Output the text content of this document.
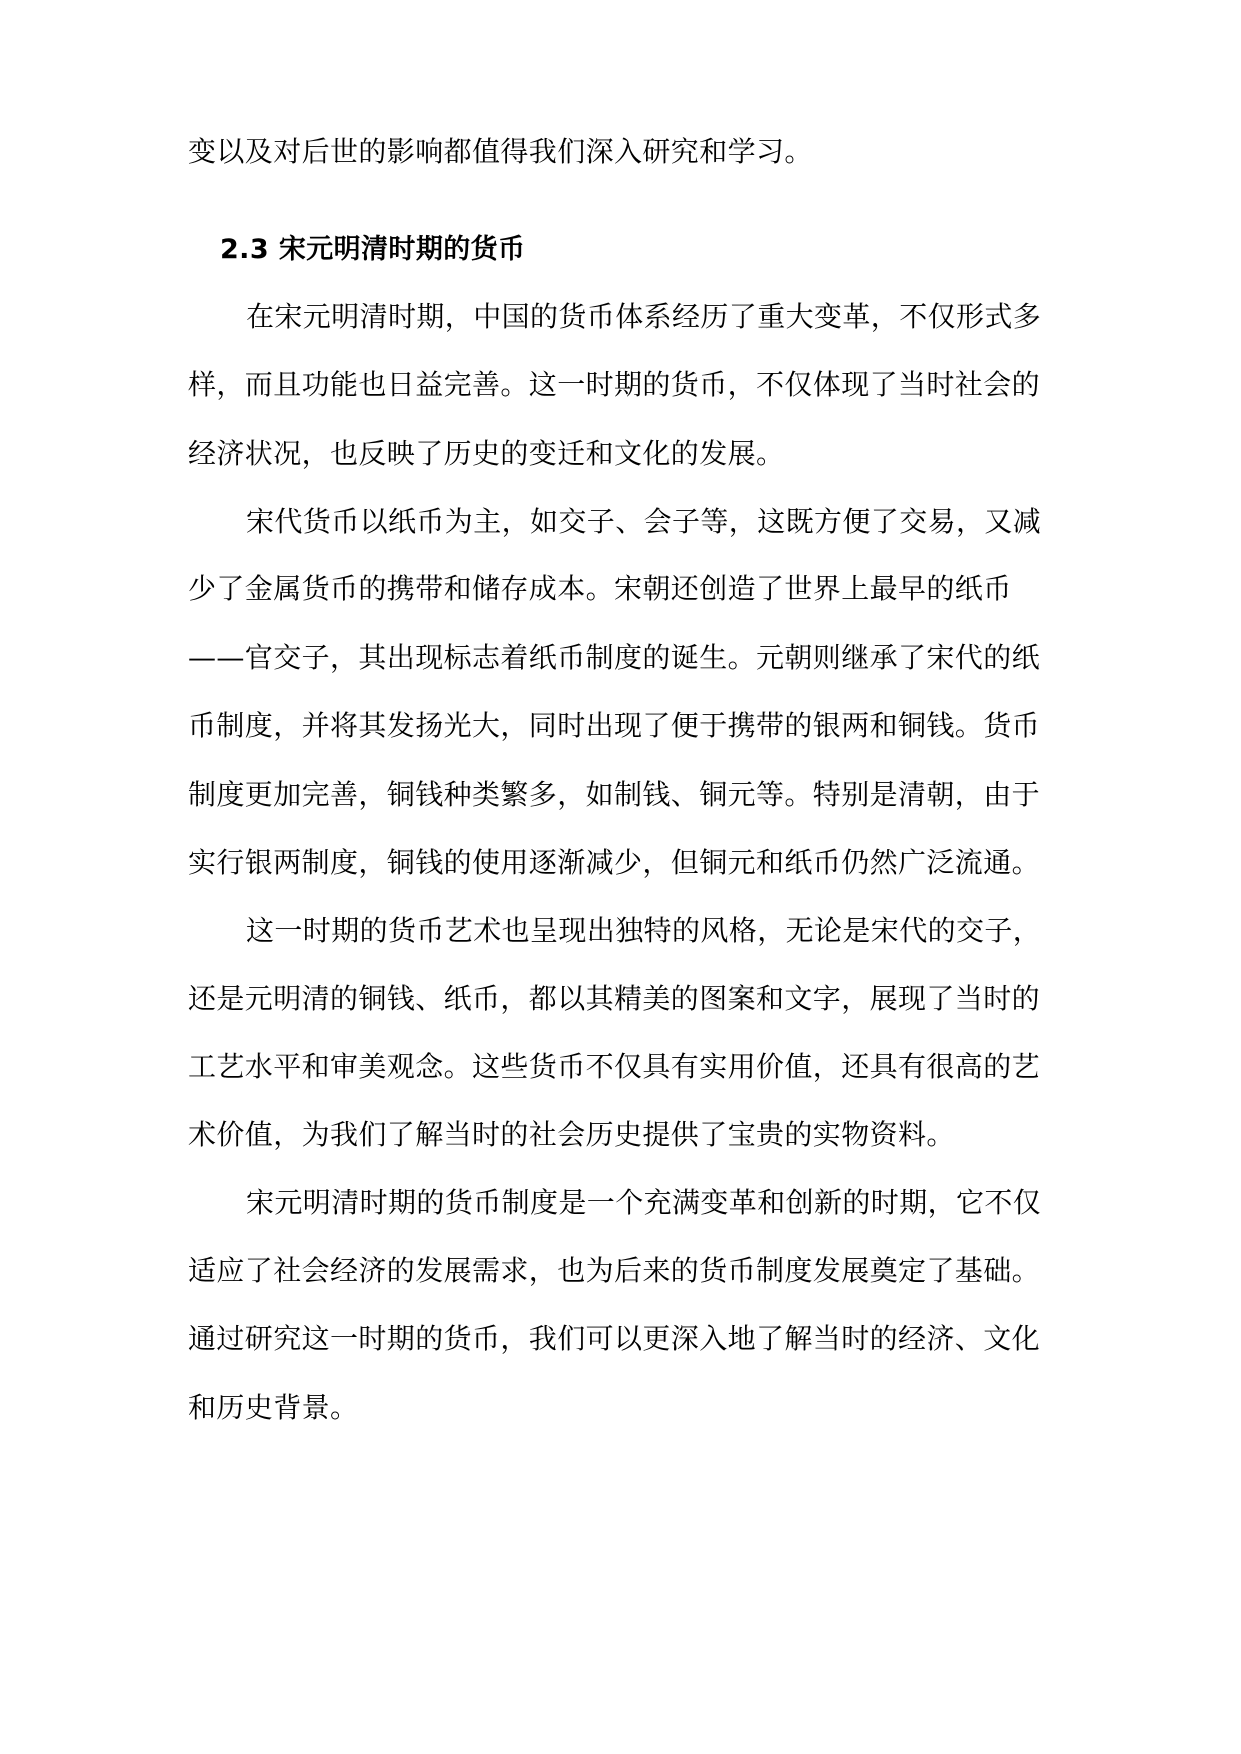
变以及对后世的影响都值得我们深入研究和学习。
2.3 宋元明清时期的货币
在宋元明清时期，中国的货币体系经历了重大变革，不仅形式多
样，而且功能也日益完善。这一时期的货币，不仅体现了当时社会的
经济状况，也反映了历史的变迁和文化的发展。
宋代货币以纸币为主，如交子、会子等，这既方便了交易，又减
少了金属货币的携带和储存成本。宋朝还创造了世界上最早的纸币
——官交子，其出现标志着纸币制度的诞生。元朝则继承了宋代的纸
币制度，并将其发扬光大，同时出现了便于携带的银两和铜钱。货币
制度更加完善，铜钱种类繁多，如制钱、铜元等。特别是清朝，由于
实行银两制度，铜钱的使用逐渐减少，但铜元和纸币仍然广泛流通。
这一时期的货币艺术也呈现出独特的风格，无论是宋代的交子，
还是元明清的铜钱、纸币，都以其精美的图案和文字，展现了当时的
工艺水平和审美观念。这些货币不仅具有实用价值，还具有很高的艺
术价值，为我们了解当时的社会历史提供了宝贵的实物资料。
宋元明清时期的货币制度是一个充满变革和创新的时期，它不仅
适应了社会经济的发展需求，也为后来的货币制度发展奠定了基础。
通过研究这一时期的货币，我们可以更深入地了解当时的经济、文化
和历史背景。
